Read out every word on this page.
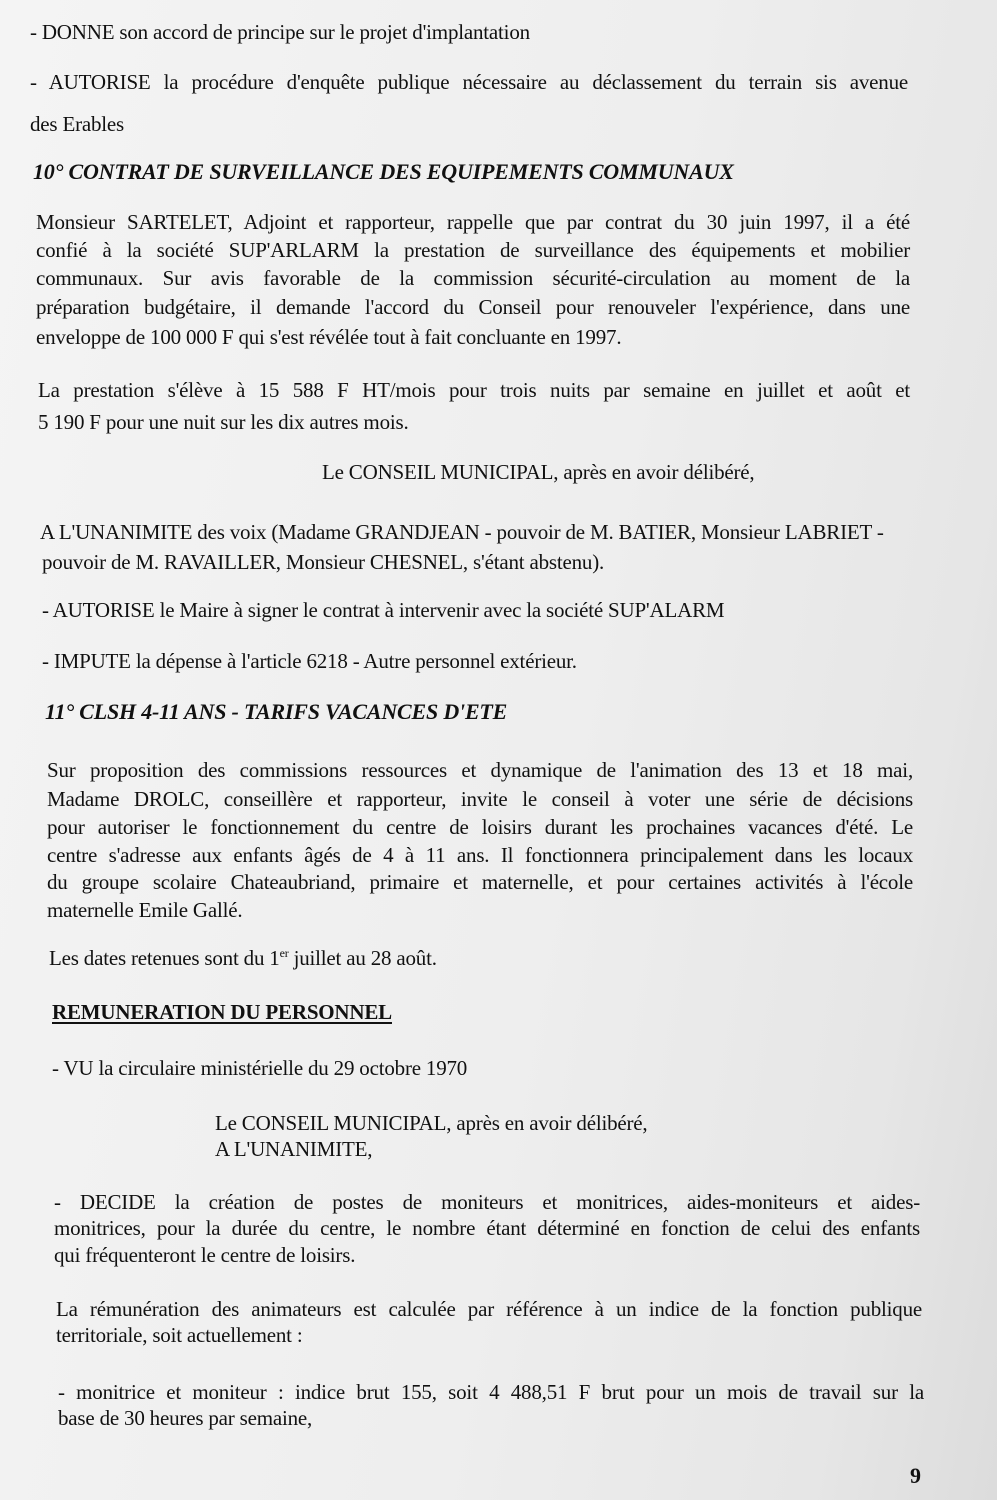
- DONNE son accord de principe sur le projet d'implantation
- AUTORISE la procédure d'enquête publique nécessaire au déclassement du terrain sis avenue
des Erables
10° CONTRAT DE SURVEILLANCE DES EQUIPEMENTS COMMUNAUX
Monsieur SARTELET, Adjoint et rapporteur, rappelle que par contrat du 30 juin 1997, il a été
confié à la société SUP'ARLARM la prestation de surveillance des équipements et mobilier
communaux. Sur avis favorable de la commission sécurité-circulation au moment de la
préparation budgétaire, il demande l'accord du Conseil pour renouveler l'expérience, dans une
enveloppe de 100 000 F qui s'est révélée tout à fait concluante en 1997.
La prestation s'élève à 15 588 F HT/mois pour trois nuits par semaine en juillet et août et
5 190 F pour une nuit sur les dix autres mois.
Le CONSEIL MUNICIPAL, après en avoir délibéré,
A L'UNANIMITE des voix (Madame GRANDJEAN - pouvoir de M. BATIER, Monsieur LABRIET -
pouvoir de M. RAVAILLER, Monsieur CHESNEL, s'étant abstenu).
- AUTORISE le Maire à signer le contrat à intervenir avec la société SUP'ALARM
- IMPUTE la dépense à l'article 6218 - Autre personnel extérieur.
11° CLSH 4-11 ANS - TARIFS VACANCES D'ETE
Sur proposition des commissions ressources et dynamique de l'animation des 13 et 18 mai,
Madame DROLC, conseillère et rapporteur, invite le conseil à voter une série de décisions
pour autoriser le fonctionnement du centre de loisirs durant les prochaines vacances d'été. Le
centre s'adresse aux enfants âgés de 4 à 11 ans. Il fonctionnera principalement dans les locaux
du groupe scolaire Chateaubriand, primaire et maternelle, et pour certaines activités à l'école
maternelle Emile Gallé.
Les dates retenues sont du 1er juillet au 28 août.
REMUNERATION DU PERSONNEL
- VU la circulaire ministérielle du 29 octobre 1970
Le CONSEIL MUNICIPAL, après en avoir délibéré,
A L'UNANIMITE,
- DECIDE la création de postes de moniteurs et monitrices, aides-moniteurs et aides-
monitrices, pour la durée du centre, le nombre étant déterminé en fonction de celui des enfants
qui fréquenteront le centre de loisirs.
La rémunération des animateurs est calculée par référence à un indice de la fonction publique
territoriale, soit actuellement :
- monitrice et moniteur : indice brut 155, soit 4 488,51 F brut pour un mois de travail sur la
base de 30 heures par semaine,
9
